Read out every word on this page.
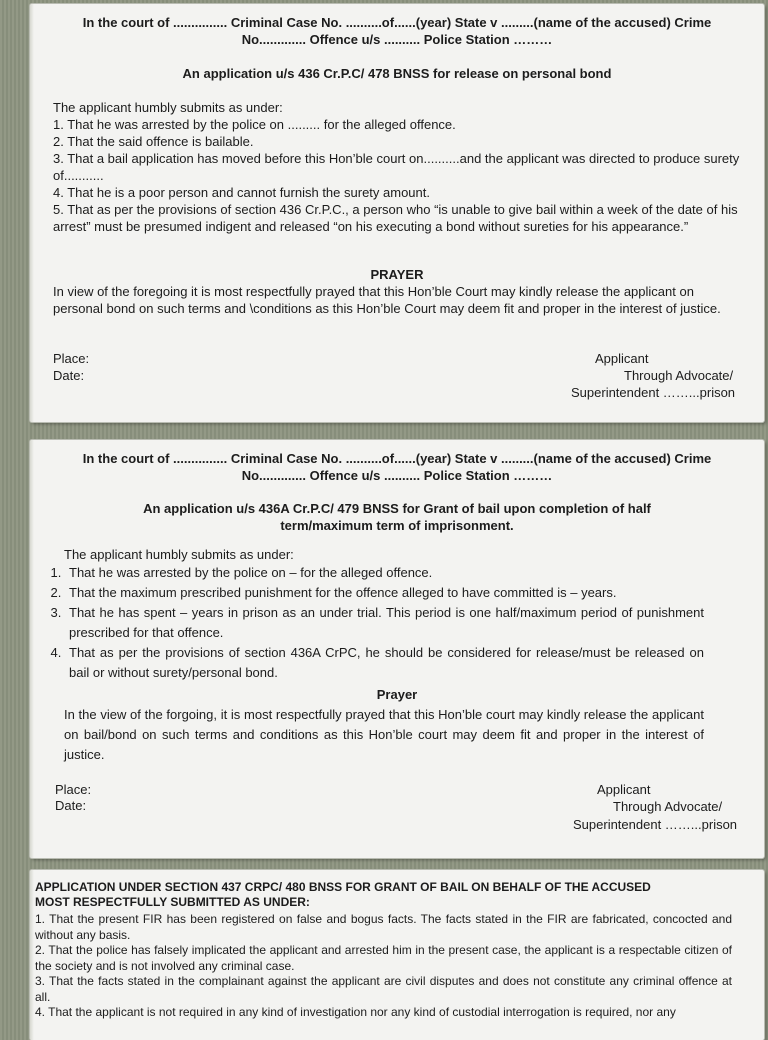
In the court of ............... Criminal Case No. ..........of......(year) State v .........(name of the accused) Crime
No............. Offence u/s .......... Police Station ………
An application u/s 436 Cr.P.C/ 478 BNSS for release on personal bond
The applicant humbly submits as under:
1. That he was arrested by the police on ......... for the alleged offence.
2. That the said offence is bailable.
3. That a bail application has moved before this Hon’ble court on..........and the applicant was directed to produce surety of...........
4. That he is a poor person and cannot furnish the surety amount.
5. That as per the provisions of section 436 Cr.P.C., a person who “is unable to give bail within a week of the date of his arrest” must be presumed indigent and released “on his executing a bond without sureties for his appearance.”
PRAYER
In view of the foregoing it is most respectfully prayed that this Hon’ble Court may kindly release the applicant on personal bond on such terms and \conditions as this Hon’ble Court may deem fit and proper in the interest of justice.
Place:
Date:
Applicant
Through Advocate/
Superintendent ……...prison
In the court of ............... Criminal Case No. ..........of......(year) State v .........(name of the accused) Crime
No............. Offence u/s .......... Police Station ………
An application u/s 436A Cr.P.C/ 479 BNSS for Grant of bail upon completion of half
term/maximum term of imprisonment.
The applicant humbly submits as under:
1. That he was arrested by the police on – for the alleged offence.
2. That the maximum prescribed punishment for the offence alleged to have committed is – years.
3. That he has spent – years in prison as an under trial. This period is one half/maximum period of punishment prescribed for that offence.
4. That as per the provisions of section 436A CrPC, he should be considered for release/must be released on bail or without surety/personal bond.
Prayer
In the view of the forgoing, it is most respectfully prayed that this Hon’ble court may kindly release the applicant on bail/bond on such terms and conditions as this Hon’ble court may deem fit and proper in the interest of justice.
Place:
Date:
Applicant
Through Advocate/
Superintendent ……...prison
APPLICATION UNDER SECTION 437 CRPC/ 480 BNSS FOR GRANT OF BAIL ON BEHALF OF THE ACCUSED
MOST RESPECTFULLY SUBMITTED AS UNDER:
1. That the present FIR has been registered on false and bogus facts. The facts stated in the FIR are fabricated, concocted and without any basis.
2. That the police has falsely implicated the applicant and arrested him in the present case, the applicant is a respectable citizen of the society and is not involved any criminal case.
3. That the facts stated in the complainant against the applicant are civil disputes and does not constitute any criminal offence at all.
4. That the applicant is not required in any kind of investigation nor any kind of custodial interrogation is required, nor any
